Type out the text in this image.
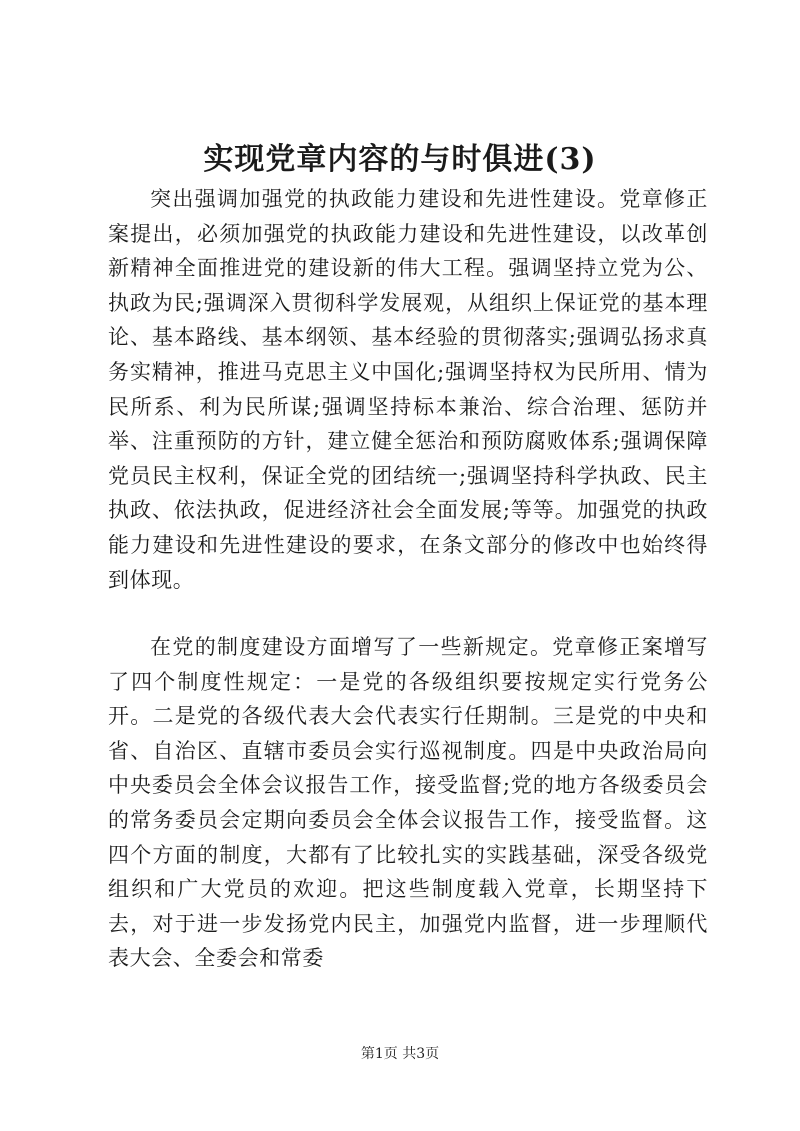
实现党章内容的与时俱进(3)

突出强调加强党的执政能力建设和先进性建设。党章修正案提出，必须加强党的执政能力建设和先进性建设，以改革创新精神全面推进党的建设新的伟大工程。强调坚持立党为公、执政为民;强调深入贯彻科学发展观，从组织上保证党的基本理论、基本路线、基本纲领、基本经验的贯彻落实;强调弘扬求真务实精神，推进马克思主义中国化;强调坚持权为民所用、情为民所系、利为民所谋;强调坚持标本兼治、综合治理、惩防并举、注重预防的方针，建立健全惩治和预防腐败体系;强调保障党员民主权利，保证全党的团结统一;强调坚持科学执政、民主执政、依法执政，促进经济社会全面发展;等等。加强党的执政能力建设和先进性建设的要求，在条文部分的修改中也始终得到体现。

在党的制度建设方面增写了一些新规定。党章修正案增写了四个制度性规定：一是党的各级组织要按规定实行党务公开。二是党的各级代表大会代表实行任期制。三是党的中央和省、自治区、直辖市委员会实行巡视制度。四是中央政治局向中央委员会全体会议报告工作，接受监督;党的地方各级委员会的常务委员会定期向委员会全体会议报告工作，接受监督。这四个方面的制度，大都有了比较扎实的实践基础，深受各级党组织和广大党员的欢迎。把这些制度载入党章，长期坚持下去，对于进一步发扬党内民主，加强党内监督，进一步理顺代表大会、全委会和常委

第1页 共3页
